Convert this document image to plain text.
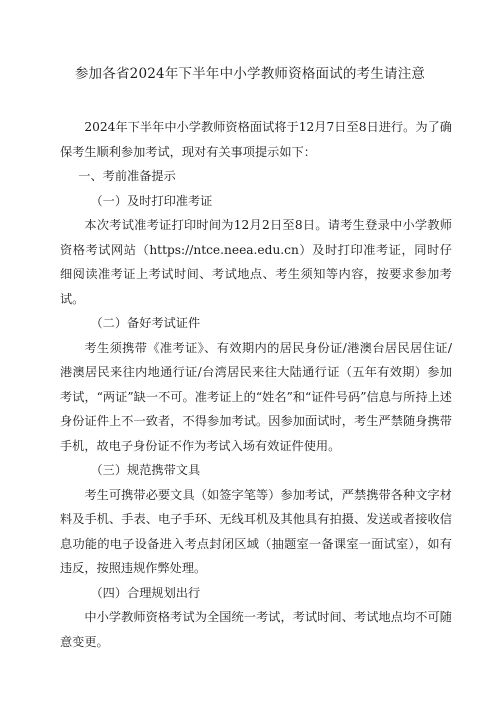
参加各省2024年下半年中小学教师资格面试的考生请注意

2024年下半年中小学教师资格面试将于12月7日至8日进行。为了确保考生顺利参加考试，现对有关事项提示如下：

一、考前准备提示

（一）及时打印准考证

本次考试准考证打印时间为12月2日至8日。请考生登录中小学教师资格考试网站（https://ntce.neea.edu.cn）及时打印准考证，同时仔细阅读准考证上考试时间、考试地点、考生须知等内容，按要求参加考试。

（二）备好考试证件

考生须携带《准考证》、有效期内的居民身份证/港澳台居民居住证/港澳居民来往内地通行证/台湾居民来往大陆通行证（五年有效期）参加考试，“两证”缺一不可。准考证上的“姓名”和“证件号码”信息与所持上述身份证件上不一致者，不得参加考试。因参加面试时，考生严禁随身携带手机，故电子身份证不作为考试入场有效证件使用。

（三）规范携带文具

考生可携带必要文具（如签字笔等）参加考试，严禁携带各种文字材料及手机、手表、电子手环、无线耳机及其他具有拍摄、发送或者接收信息功能的电子设备进入考点封闭区域（抽题室一备课室一面试室），如有违反，按照违规作弊处理。

（四）合理规划出行

中小学教师资格考试为全国统一考试，考试时间、考试地点均不可随意变更。
